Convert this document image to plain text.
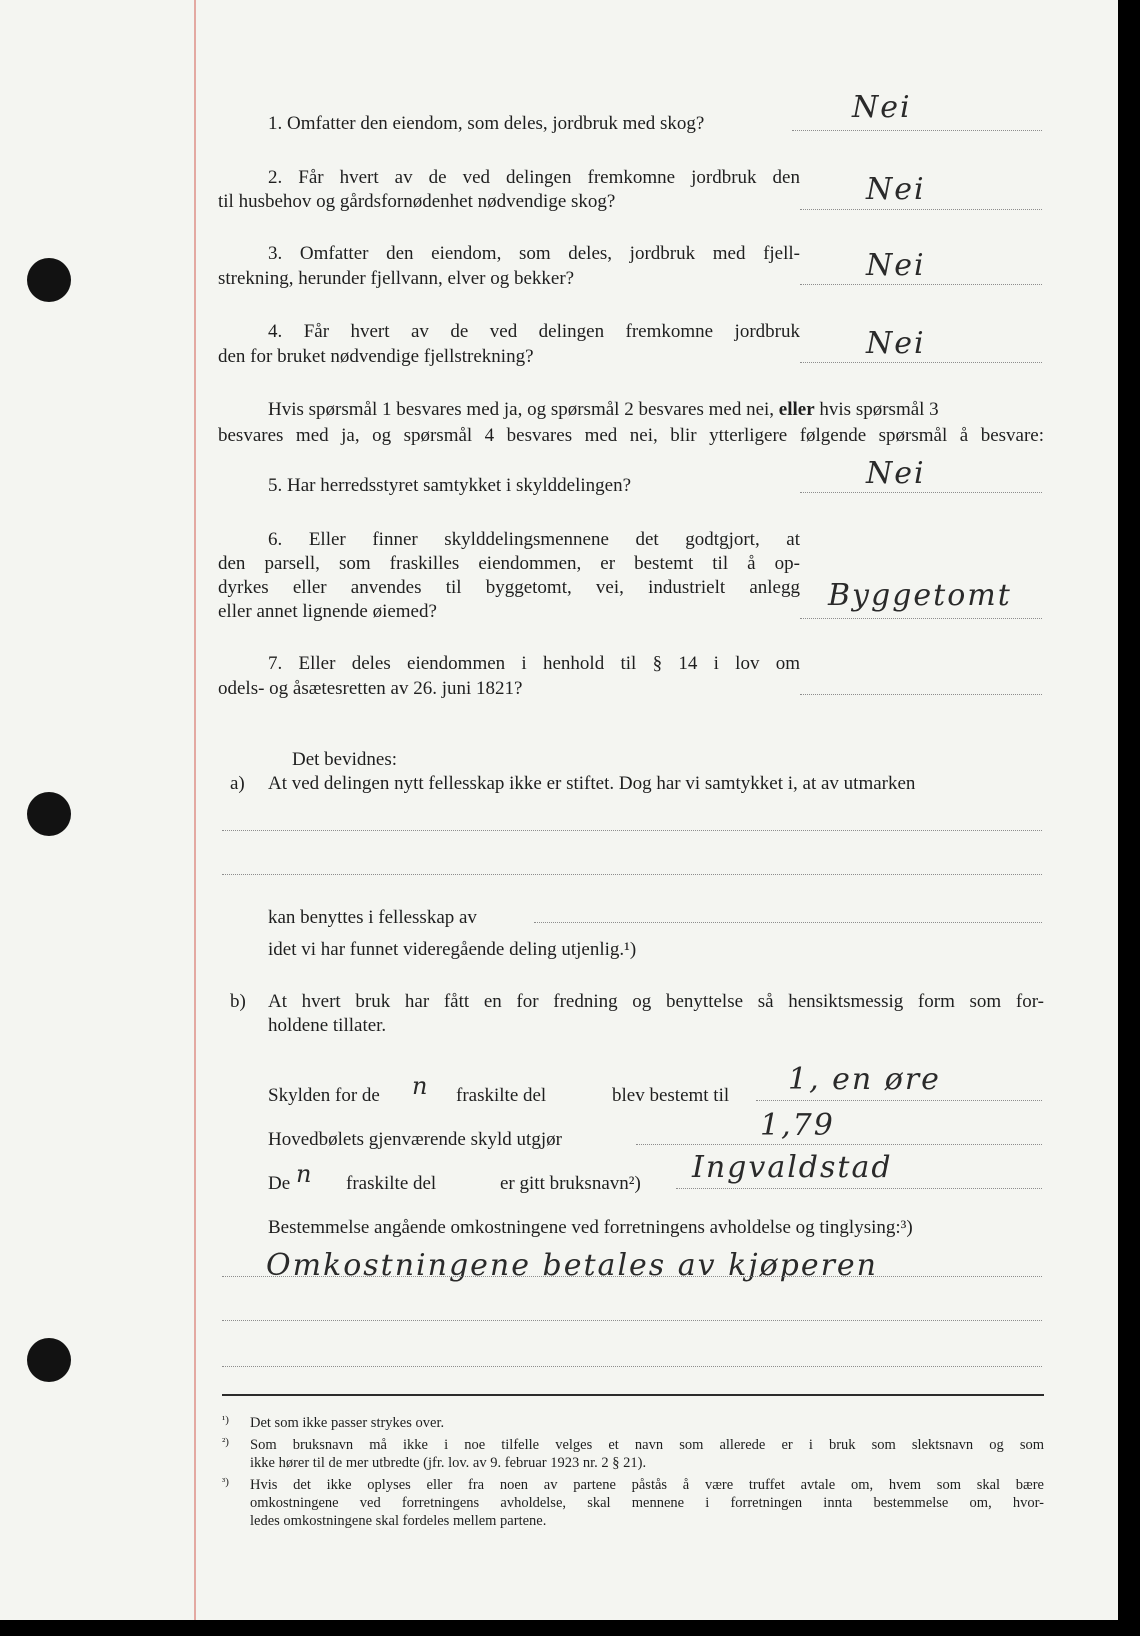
1. Omfatter den eiendom, som deles, jordbruk med skog?	Nei
2. Får hvert av de ved delingen fremkomne jordbruk den
til husbehov og gårdsfornødenhet nødvendige skog?	Nei
3. Omfatter den eiendom, som deles, jordbruk med fjell-
strekning, herunder fjellvann, elver og bekker?	Nei
4. Får hvert av de ved delingen fremkomne jordbruk
den for bruket nødvendige fjellstrekning?	Nei
Hvis spørsmål 1 besvares med ja, og spørsmål 2 besvares med nei, eller hvis spørsmål 3
besvares med ja, og spørsmål 4 besvares med nei, blir ytterligere følgende spørsmål å besvare:
5. Har herredsstyret samtykket i skylddelingen?	Nei
6. Eller finner skylddelingsmennene det godtgjort, at
den parsell, som fraskilles eiendommen, er bestemt til å op-
dyrkes eller anvendes til byggetomt, vei, industrielt anlegg
eller annet lignende øiemed?	Byggetomt
7. Eller deles eiendommen i henhold til § 14 i lov om
odels- og åsætesretten av 26. juni 1821?
Det bevidnes:
a) At ved delingen nytt fellesskap ikke er stiftet. Dog har vi samtykket i, at av utmarken
kan benyttes i fellesskap av
idet vi har funnet videregående deling utjenlig.¹)
b) At hvert bruk har fått en for fredning og benyttelse så hensiktsmessig form som for-
holdene tillater.
Skylden for de n fraskilte del	blev bestemt til 1, en øre
Hovedbølets gjenværende skyld utgjør	1,79
De n fraskilte del	er gitt bruksnavn²) Ingvaldstad
Bestemmelse angående omkostningene ved forretningens avholdelse og tinglysing:³)
Omkostningene betales av kjøperen
¹) Det som ikke passer strykes over.
²) Som bruksnavn må ikke i noe tilfelle velges et navn som allerede er i bruk som slektsnavn og som
ikke hører til de mer utbredte (jfr. lov. av 9. februar 1923 nr. 2 § 21).
³) Hvis det ikke oplyses eller fra noen av partene påstås å være truffet avtale om, hvem som skal bære
omkostningene ved forretningens avholdelse, skal mennene i forretningen innta bestemmelse om, hvor-
ledes omkostningene skal fordeles mellem partene.
